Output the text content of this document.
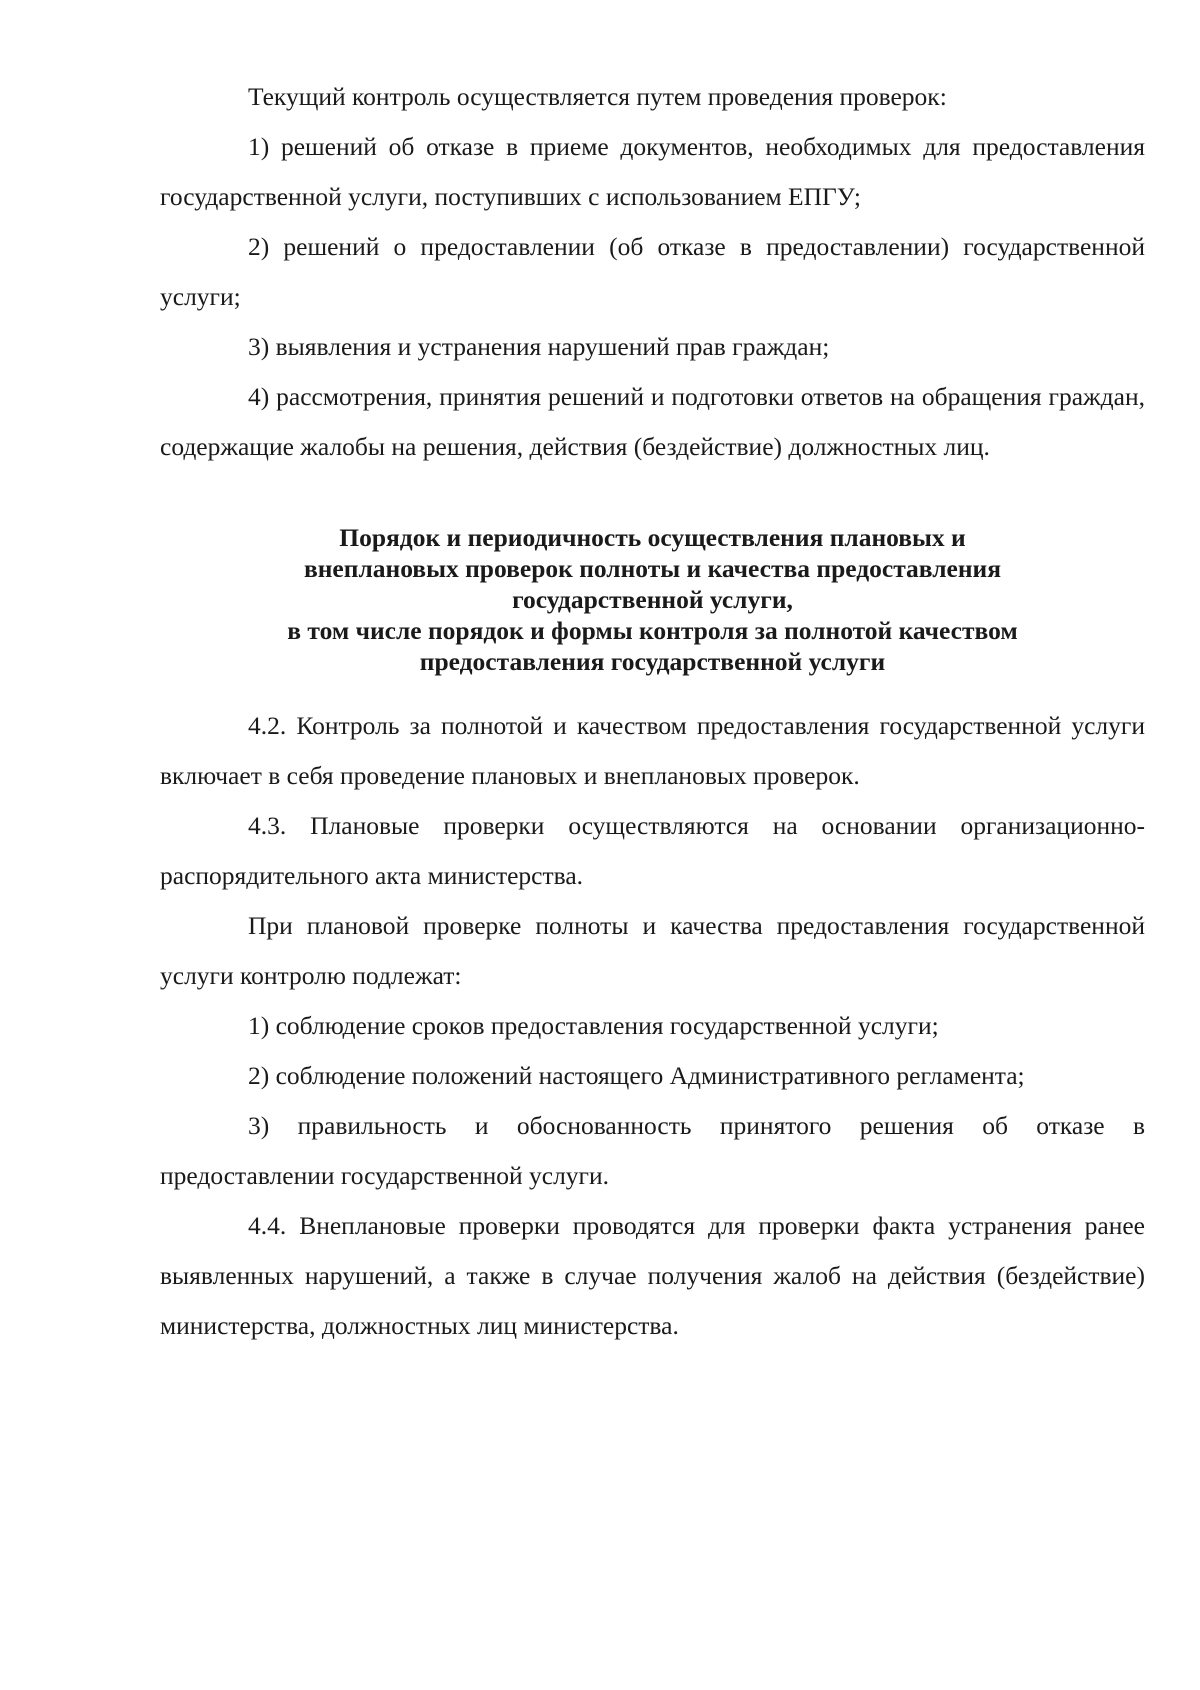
Текущий контроль осуществляется путем проведения проверок:

1) решений об отказе в приеме документов, необходимых для предоставления государственной услуги, поступивших с использованием ЕПГУ;

2) решений о предоставлении (об отказе в предоставлении) государственной услуги;

3) выявления и устранения нарушений прав граждан;

4) рассмотрения, принятия решений и подготовки ответов на обращения граждан, содержащие жалобы на решения, действия (бездействие) должностных лиц.

Порядок и периодичность осуществления плановых и
внеплановых проверок полноты и качества предоставления
государственной услуги,
в том числе порядок и формы контроля за полнотой качеством
предоставления государственной услуги

4.2. Контроль за полнотой и качеством предоставления государственной услуги включает в себя проведение плановых и внеплановых проверок.

4.3. Плановые проверки осуществляются на основании организационно-распорядительного акта министерства.

При плановой проверке полноты и качества предоставления государственной услуги контролю подлежат:

1) соблюдение сроков предоставления государственной услуги;

2) соблюдение положений настоящего Административного регламента;

3) правильность и обоснованность принятого решения об отказе в предоставлении государственной услуги.

4.4. Внеплановые проверки проводятся для проверки факта устранения ранее выявленных нарушений, а также в случае получения жалоб на действия (бездействие) министерства, должностных лиц министерства.
